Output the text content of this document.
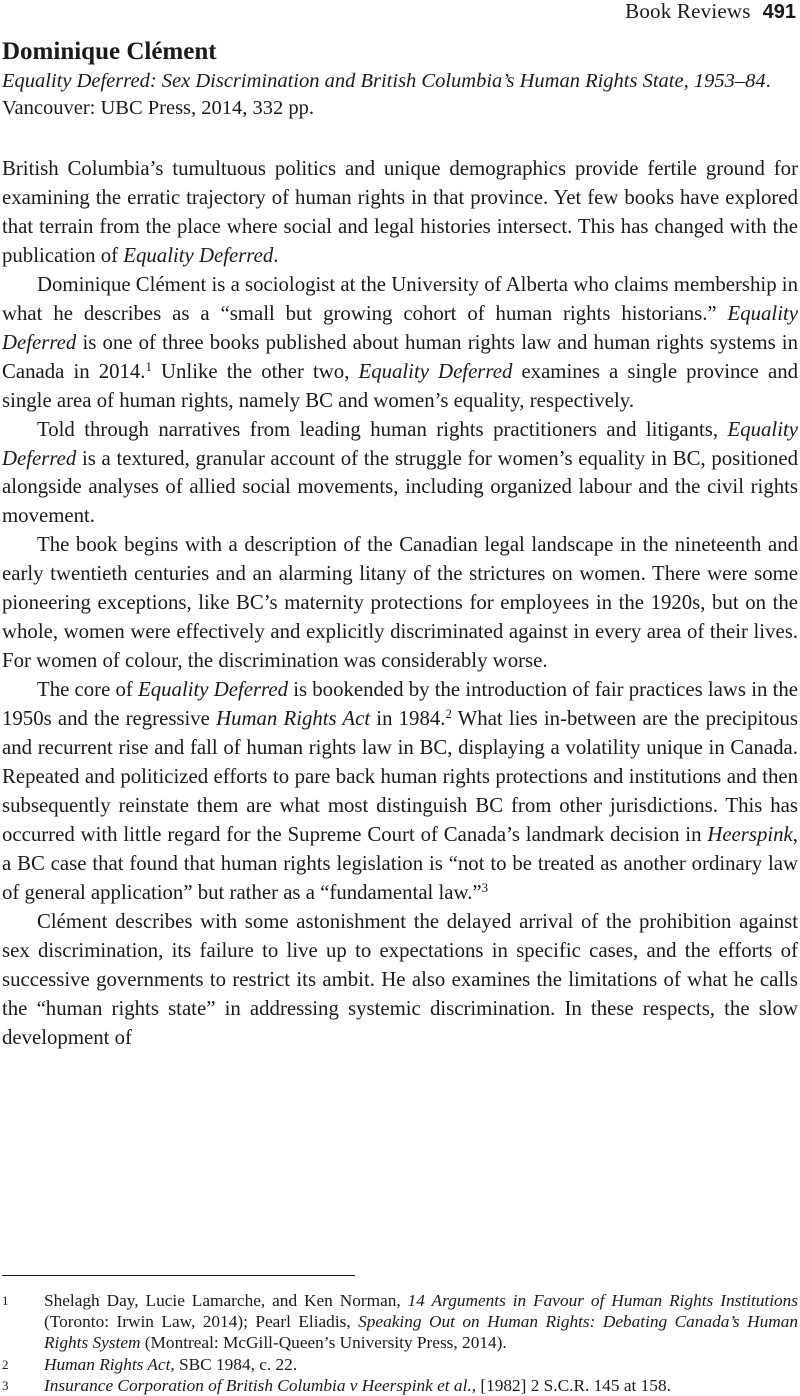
Book Reviews 491
Dominique Clément

Equality Deferred: Sex Discrimination and British Columbia’s Human Rights State, 1953–84. Vancouver: UBC Press, 2014, 332 pp.

British Columbia’s tumultuous politics and unique demographics provide fertile ground for examining the erratic trajectory of human rights in that province. Yet few books have explored that terrain from the place where social and legal histories intersect. This has changed with the publication of Equality Deferred.

Dominique Clément is a sociologist at the University of Alberta who claims membership in what he describes as a “small but growing cohort of human rights historians.” Equality Deferred is one of three books published about human rights law and human rights systems in Canada in 2014.$^1$ Unlike the other two, Equality Deferred examines a single province and single area of human rights, namely BC and women’s equality, respectively.

Told through narratives from leading human rights practitioners and litigants, Equality Deferred is a textured, granular account of the struggle for women’s equality in BC, positioned alongside analyses of allied social movements, including organized labour and the civil rights movement.

The book begins with a description of the Canadian legal landscape in the nineteenth and early twentieth centuries and an alarming litany of the strictures on women. There were some pioneering exceptions, like BC’s maternity protections for employees in the 1920s, but on the whole, women were effectively and explicitly discriminated against in every area of their lives. For women of colour, the discrimination was considerably worse.

The core of Equality Deferred is bookended by the introduction of fair practices laws in the 1950s and the regressive Human Rights Act in 1984.$^2$ What lies in-between are the precipitous and recurrent rise and fall of human rights law in BC, displaying a volatility unique in Canada. Repeated and politicized efforts to pare back human rights protections and institutions and then subsequently reinstate them are what most distinguish BC from other jurisdictions. This has occurred with little regard for the Supreme Court of Canada’s landmark decision in Heerspink, a BC case that found that human rights legislation is “not to be treated as another ordinary law of general application” but rather as a “fundamental law.”$^3$

Clément describes with some astonishment the delayed arrival of the prohibition against sex discrimination, its failure to live up to expectations in specific cases, and the efforts of successive governments to restrict its ambit. He also examines the limitations of what he calls the “human rights state” in addressing systemic discrimination. In these respects, the slow development of

1	Shelagh Day, Lucie Lamarche, and Ken Norman, 14 Arguments in Favour of Human Rights Institutions (Toronto: Irwin Law, 2014); Pearl Eliadis, Speaking Out on Human Rights: Debating Canada’s Human Rights System (Montreal: McGill-Queen’s University Press, 2014).
2	Human Rights Act, SBC 1984, c. 22.
3	Insurance Corporation of British Columbia v Heerspink et al., [1982] 2 S.C.R. 145 at 158.
